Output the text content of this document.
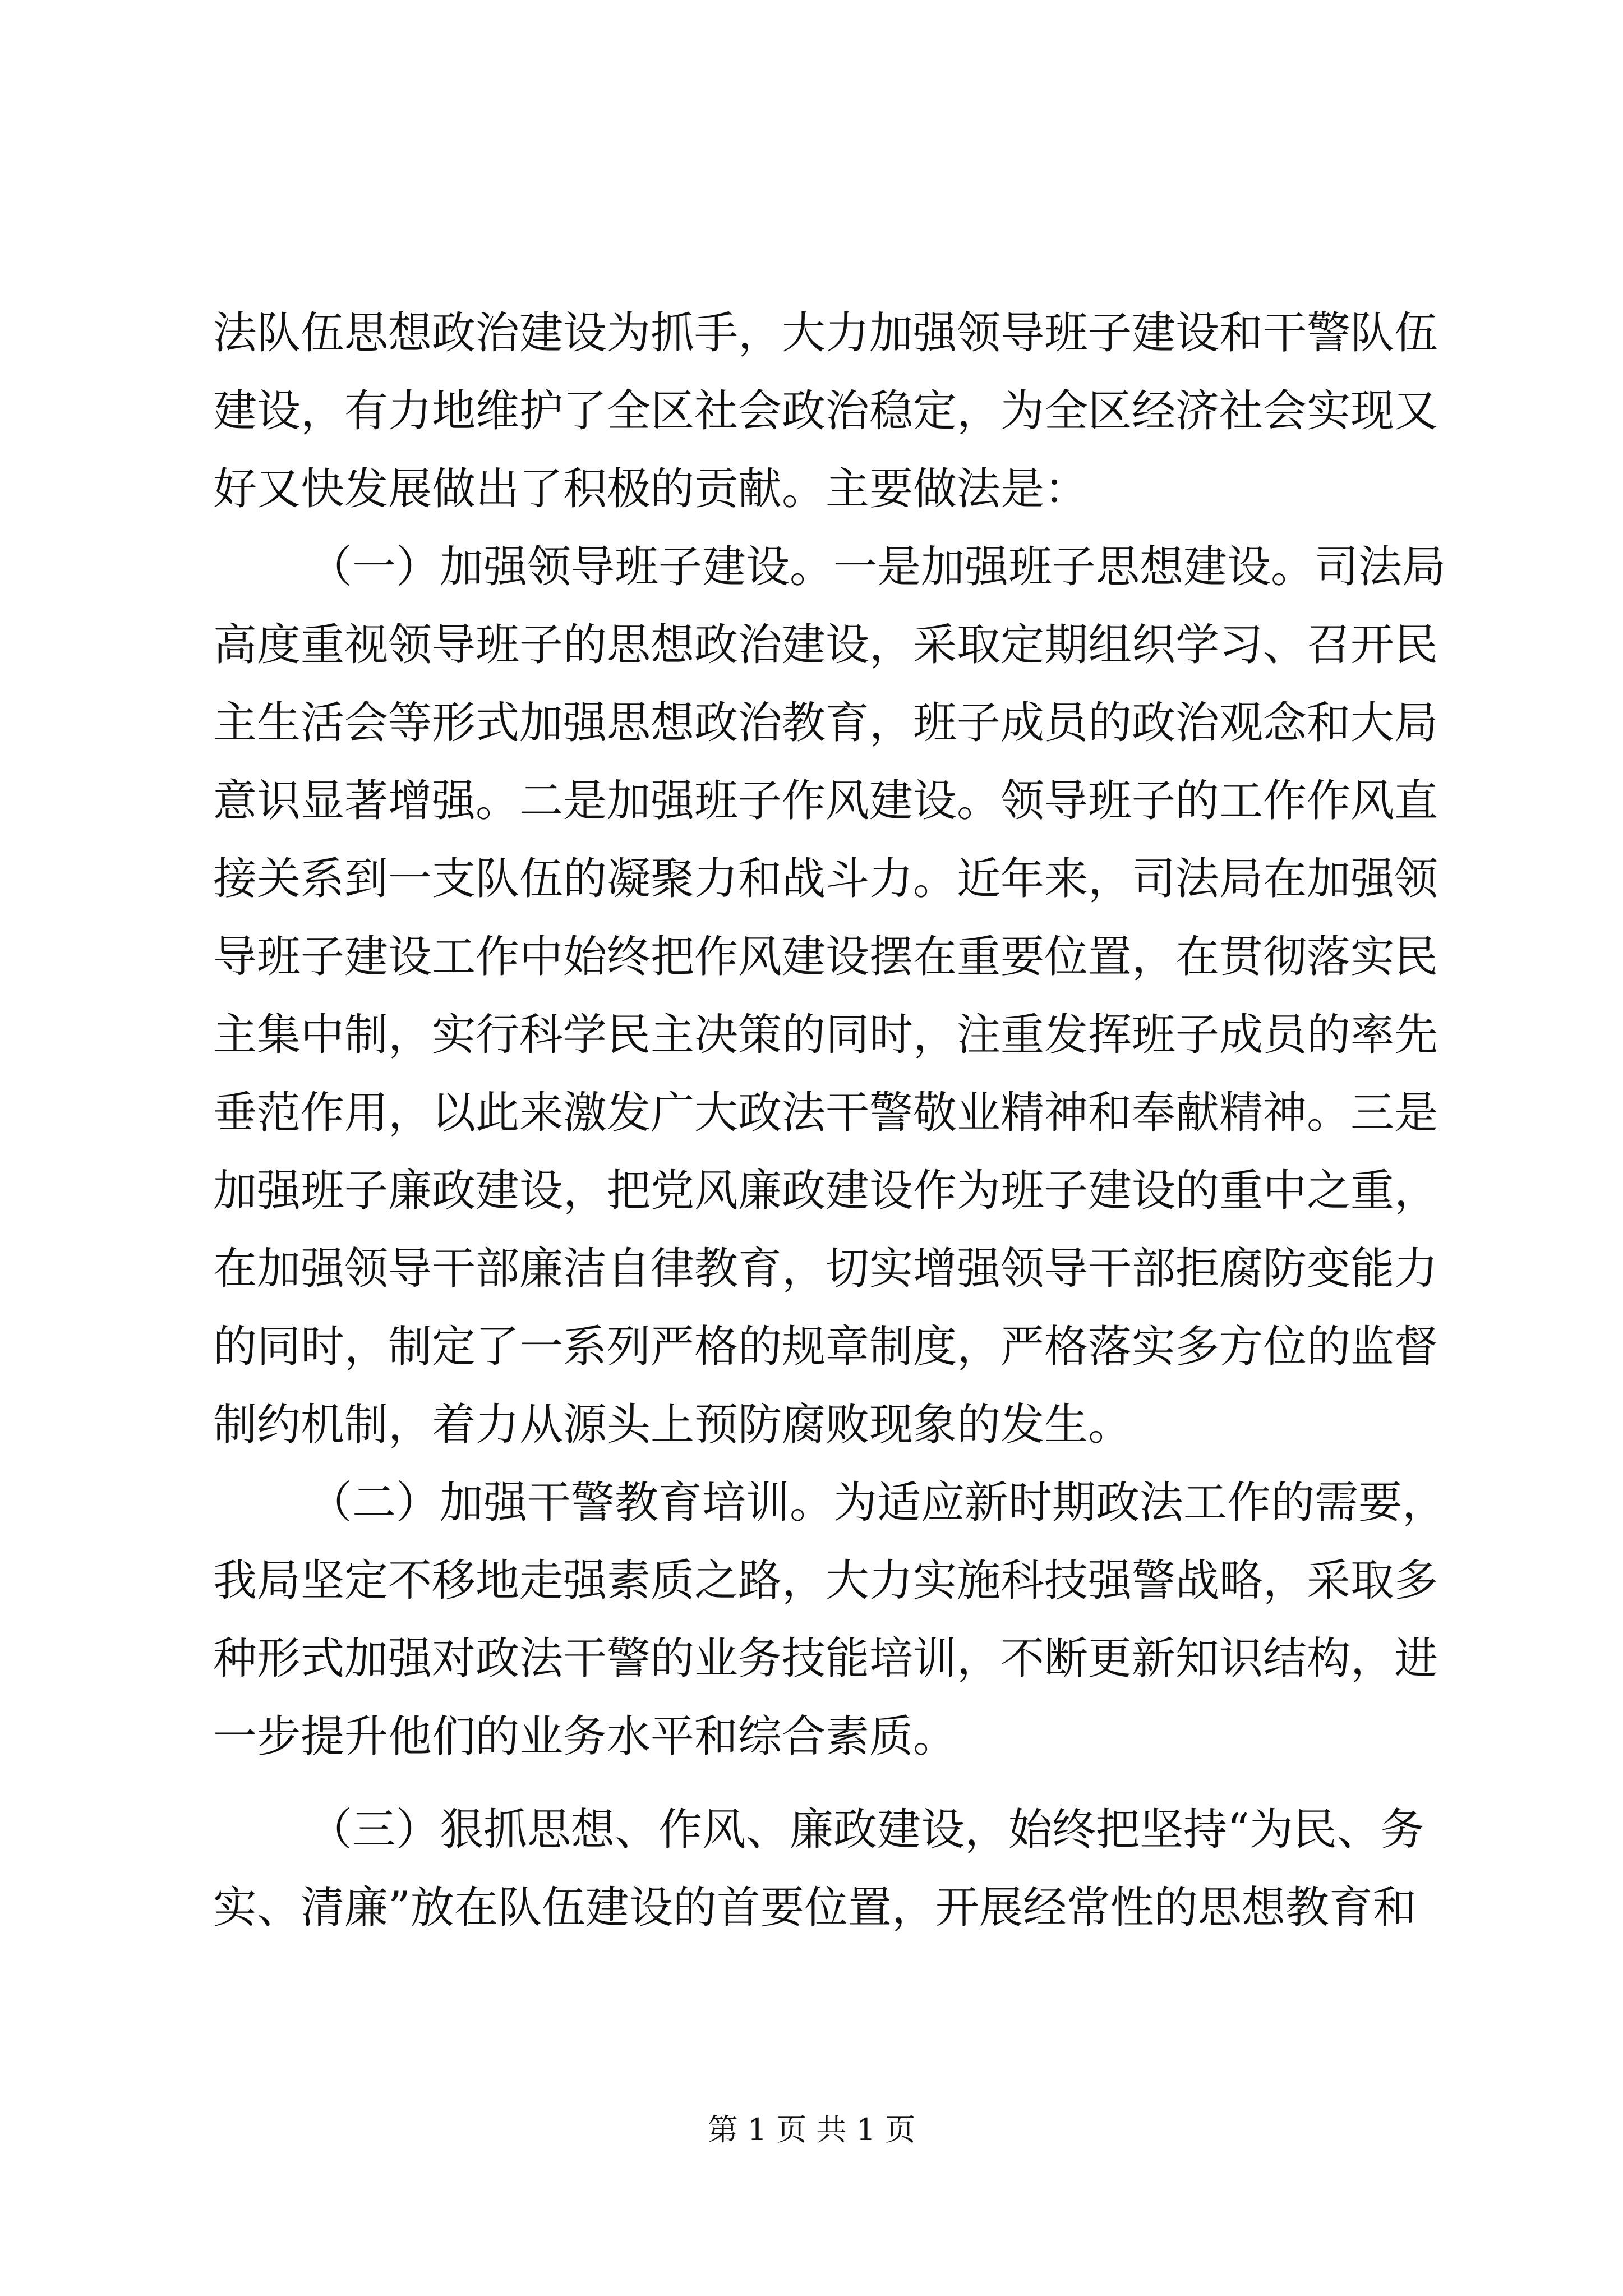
法队伍思想政治建设为抓手，大力加强领导班子建设和干警队伍
建设，有力地维护了全区社会政治稳定，为全区经济社会实现又
好又快发展做出了积极的贡献。主要做法是：
（一）加强领导班子建设。一是加强班子思想建设。司法局
高度重视领导班子的思想政治建设，采取定期组织学习、召开民
主生活会等形式加强思想政治教育，班子成员的政治观念和大局
意识显著增强。二是加强班子作风建设。领导班子的工作作风直
接关系到一支队伍的凝聚力和战斗力。近年来，司法局在加强领
导班子建设工作中始终把作风建设摆在重要位置，在贯彻落实民
主集中制，实行科学民主决策的同时，注重发挥班子成员的率先
垂范作用，以此来激发广大政法干警敬业精神和奉献精神。三是
加强班子廉政建设，把党风廉政建设作为班子建设的重中之重，
在加强领导干部廉洁自律教育，切实增强领导干部拒腐防变能力
的同时，制定了一系列严格的规章制度，严格落实多方位的监督
制约机制，着力从源头上预防腐败现象的发生。
（二）加强干警教育培训。为适应新时期政法工作的需要，
我局坚定不移地走强素质之路，大力实施科技强警战略，采取多
种形式加强对政法干警的业务技能培训，不断更新知识结构，进
一步提升他们的业务水平和综合素质。
（三）狠抓思想、作风、廉政建设，始终把坚持“为民、务
实、清廉”放在队伍建设的首要位置，开展经常性的思想教育和
第 1 页 共 1 页
